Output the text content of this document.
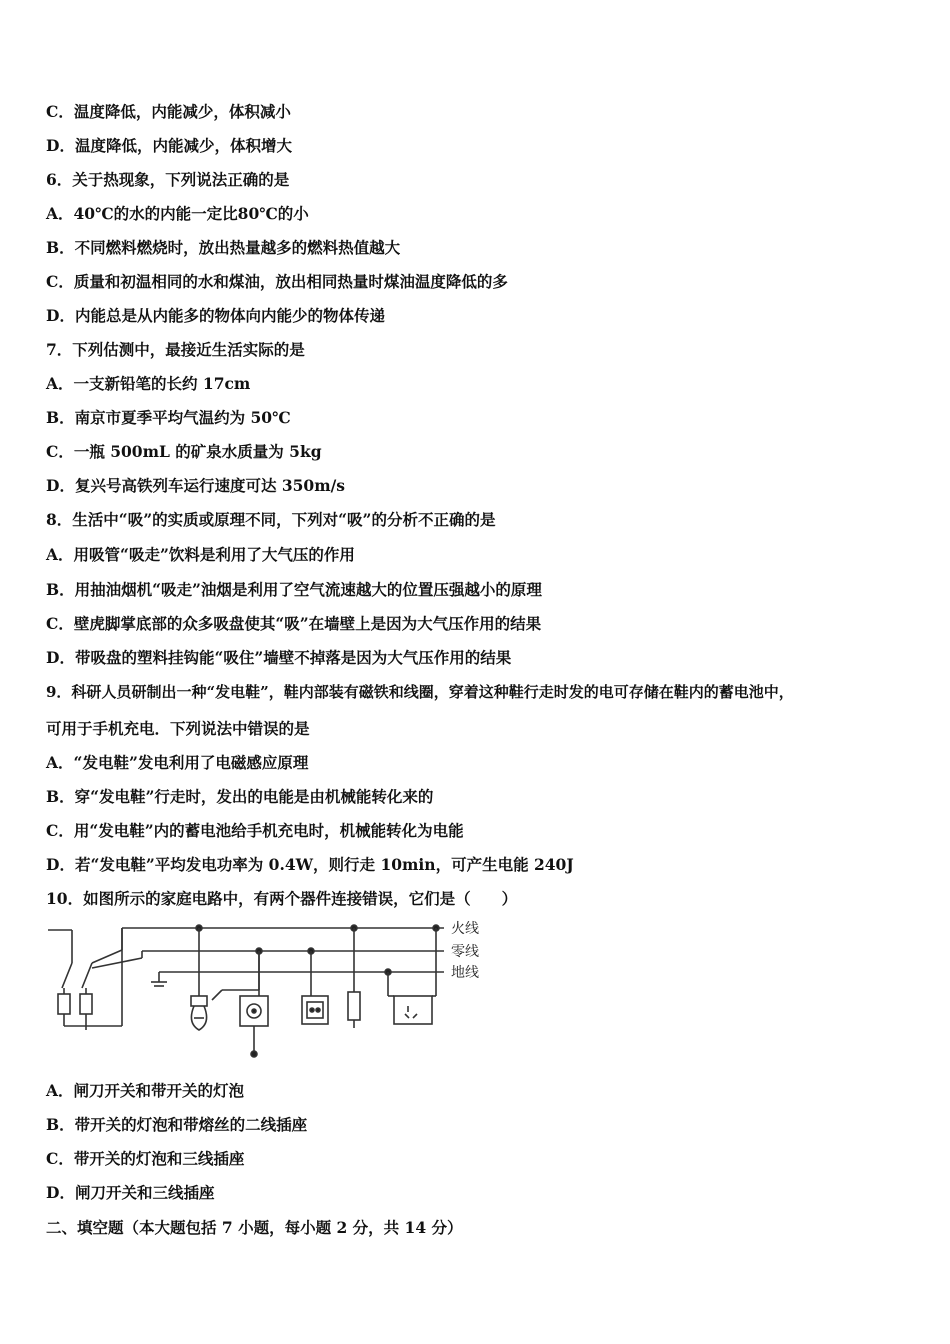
C．温度降低，内能减少，体积减小
D．温度降低，内能减少，体积增大
6．关于热现象，下列说法正确的是
A．40℃的水的内能一定比80℃的小
B．不同燃料燃烧时，放出热量越多的燃料热值越大
C．质量和初温相同的水和煤油，放出相同热量时煤油温度降低的多
D．内能总是从内能多的物体向内能少的物体传递
7．下列估测中，最接近生活实际的是
A．一支新铅笔的长约 17cm
B．南京市夏季平均气温约为 50℃
C．一瓶 500mL 的矿泉水质量为 5kg
D．复兴号高铁列车运行速度可达 350m/s
8．生活中“吸”的实质或原理不同，下列对“吸”的分析不正确的是
A．用吸管“吸走”饮料是利用了大气压的作用
B．用抽油烟机“吸走”油烟是利用了空气流速越大的位置压强越小的原理
C．壁虎脚掌底部的众多吸盘使其“吸”在墙壁上是因为大气压作用的结果
D．带吸盘的塑料挂钩能“吸住”墙壁不掉落是因为大气压作用的结果
9．科研人员研制出一种“发电鞋”，鞋内部装有磁铁和线圈，穿着这种鞋行走时发的电可存储在鞋内的蓄电池中，
可用于手机充电．下列说法中错误的是
A．“发电鞋”发电利用了电磁感应原理
B．穿“发电鞋”行走时，发出的电能是由机械能转化来的
C．用“发电鞋”内的蓄电池给手机充电时，机械能转化为电能
D．若“发电鞋”平均发电功率为 0.4W，则行走 10min，可产生电能 240J
10．如图所示的家庭电路中，有两个器件连接错误，它们是（　　）
火线
零线
地线
A．闸刀开关和带开关的灯泡
B．带开关的灯泡和带熔丝的二线插座
C．带开关的灯泡和三线插座
D．闸刀开关和三线插座
二、填空题（本大题包括 7 小题，每小题 2 分，共 14 分）
